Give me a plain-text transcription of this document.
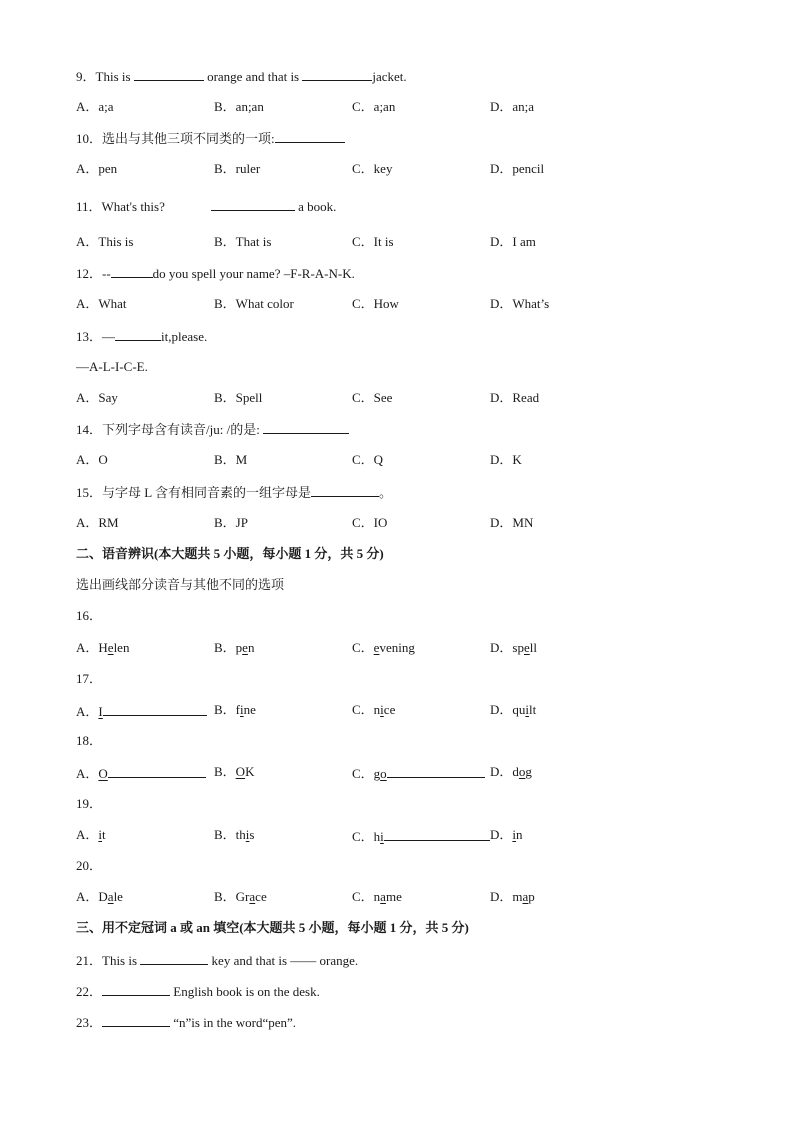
9．This is	orange and that is	jacket.
A．a;a	B．an;an	C．a;an	D．an;a
10．选出与其他三项不同类的一项:
A．pen	B．ruler	C．key	D．pencil
11．What's this?	a book.
A．This is	B．That is	C．It is	D．I am
12．--	do you spell your name? –F-R-A-N-K.
A．What	B．What color	C．How	D．What’s
13．—	it,please.
—A-L-I-C-E.
A．Say	B．Spell	C．See	D．Read
14．下列字母含有读音/ju: /的是:
A．O	B．M	C．Q	D．K
15．与字母 L 含有相同音素的一组字母是	。
A．RM	B．JP	C．IO	D．MN
二、语音辨识(本大题共 5 小题，每小题 1 分，共 5 分)
选出画线部分读音与其他不同的选项
16．
A．Helen	B．pen	C．evening	D．spell
17．
A．I	B．fine	C．nice	D．quilt
18．
A．O	B．OK	C．go	D．dog
19．
A．it	B．this	C．hi	D．in
20．
A．Dale	B．Grace	C．name	D．map
三、用不定冠词 a 或 an 填空(本大题共 5 小题，每小题 1 分，共 5 分)
21．This is	key and that is —— orange.
22．	English book is on the desk.
23．	“n”is in the word“pen”.
